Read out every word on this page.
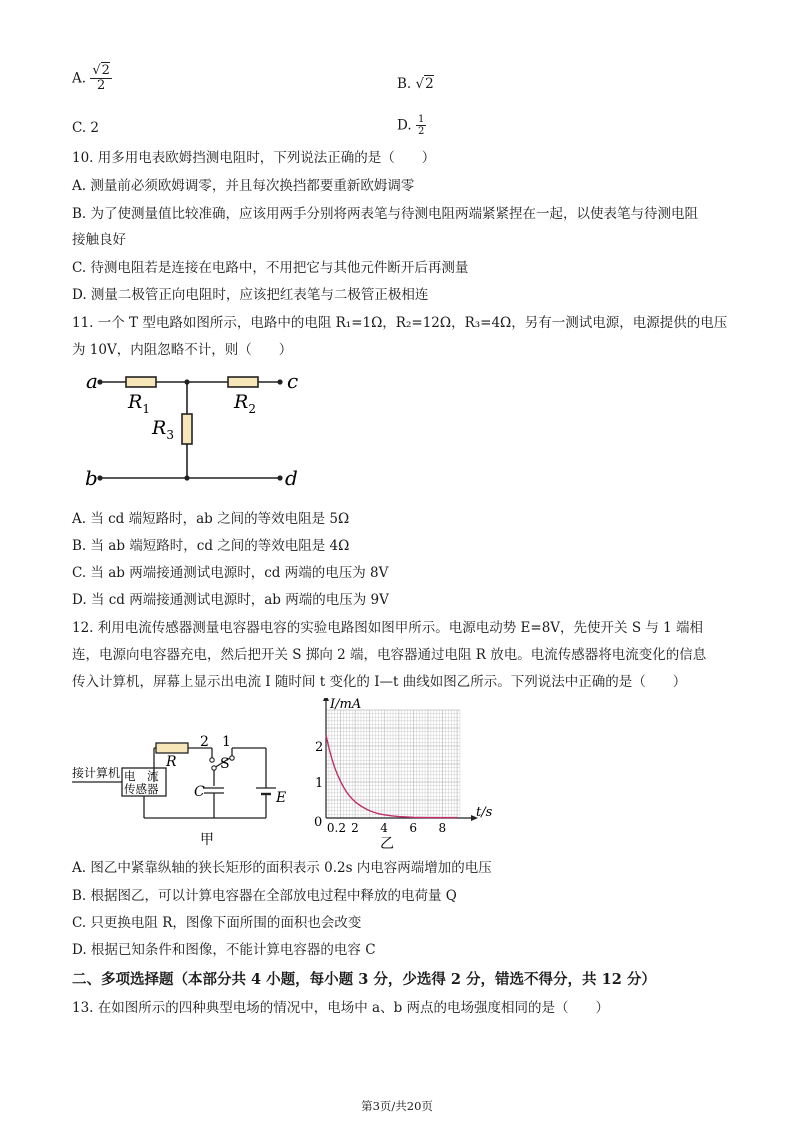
A. $\frac{√2}{2}$	B. √2
C. 2	D. $\frac{1}{2}$
10. 用多用电表欧姆挡测电阻时，下列说法正确的是（　　）
A. 测量前必须欧姆调零，并且每次换挡都要重新欧姆调零
B. 为了使测量值比较准确，应该用两手分别将两表笔与待测电阻两端紧紧捏在一起，以使表笔与待测电阻
接触良好
C. 待测电阻若是连接在电路中，不用把它与其他元件断开后再测量
D. 测量二极管正向电阻时，应该把红表笔与二极管正极相连
11. 一个 T 型电路如图所示，电路中的电阻 R₁=1Ω，R₂=12Ω，R₃=4Ω，另有一测试电源，电源提供的电压
为 10V，内阻忽略不计，则（　　）
a	c
b	d
$R_1$	$R_2$
$R_3$
A. 当 cd 端短路时，ab 之间的等效电阻是 5Ω
B. 当 ab 端短路时，cd 之间的等效电阻是 4Ω
C. 当 ab 两端接通测试电源时，cd 两端的电压为 8V
D. 当 cd 两端接通测试电源时，ab 两端的电压为 9V
12. 利用电流传感器测量电容器电容的实验电路图如图甲所示。电源电动势 E=8V，先使开关 S 与 1 端相
连，电源向电容器充电，然后把开关 S 掷向 2 端，电容器通过电阻 R 放电。电流传感器将电流变化的信息
传入计算机，屏幕上显示出电流 I 随时间 t 变化的 I—t 曲线如图乙所示。下列说法中正确的是（　　）
接计算机 电　流
传感器
R
2 1
S
C	E
甲
0.2 2 4 6 8
1
2
0
t/s
I/mA
乙
A. 图乙中紧靠纵轴的狭长矩形的面积表示 0.2s 内电容两端增加的电压
B. 根据图乙，可以计算电容器在全部放电过程中释放的电荷量 Q
C. 只更换电阻 R，图像下面所围的面积也会改变
D. 根据已知条件和图像，不能计算电容器的电容 C
二、多项选择题（本部分共 4 小题，每小题 3 分，少选得 2 分，错选不得分，共 12 分）
13. 在如图所示的四种典型电场的情况中，电场中 a、b 两点的电场强度相同的是（　　）
第3页/共20页
